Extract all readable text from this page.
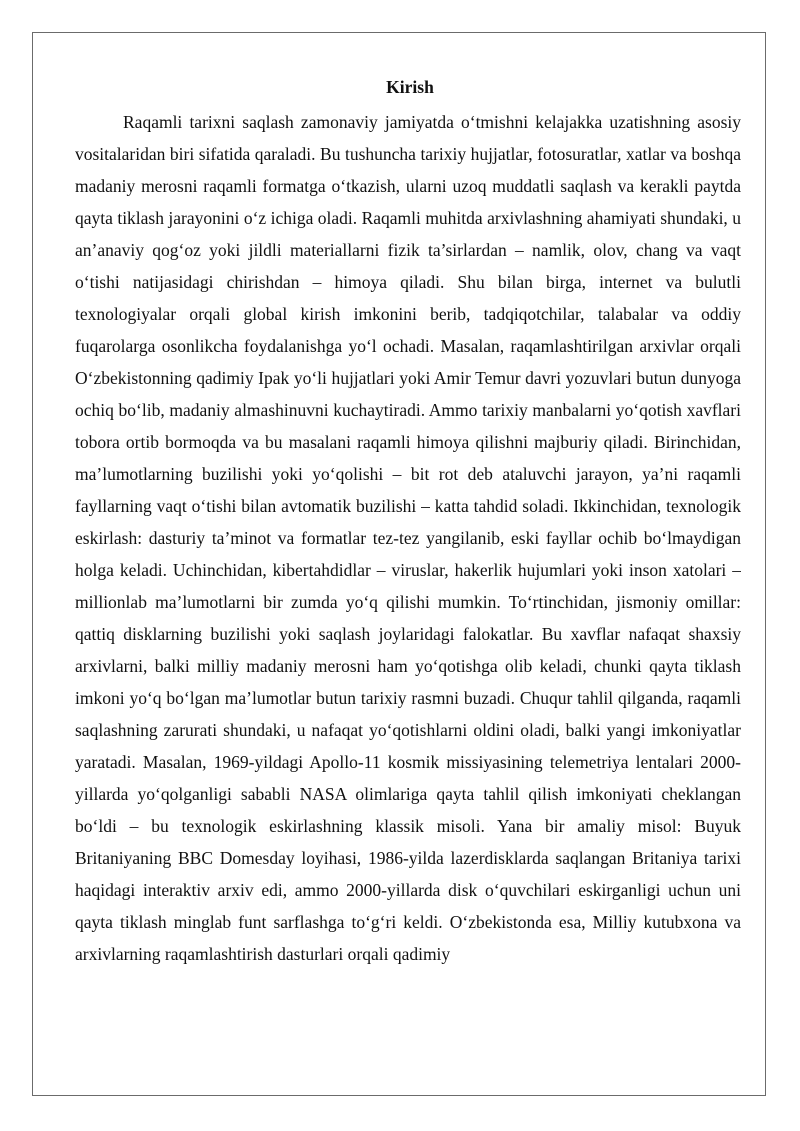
Kirish

Raqamli tarixni saqlash zamonaviy jamiyatda o‘tmishni kelajakka uzatishning asosiy vositalaridan biri sifatida qaraladi. Bu tushuncha tarixiy hujjatlar, fotosuratlar, xatlar va boshqa madaniy merosni raqamli formatga o‘tkazish, ularni uzoq muddatli saqlash va kerakli paytda qayta tiklash jarayonini o‘z ichiga oladi. Raqamli muhitda arxivlashning ahamiyati shundaki, u an’anaviy qog‘oz yoki jildli materiallarni fizik ta’sirlardan – namlik, olov, chang va vaqt o‘tishi natijasidagi chirishdan – himoya qiladi. Shu bilan birga, internet va bulutli texnologiyalar orqali global kirish imkonini berib, tadqiqotchilar, talabalar va oddiy fuqarolarga osonlikcha foydalanishga yo‘l ochadi. Masalan, raqamlashtirilgan arxivlar orqali O‘zbekistonning qadimiy Ipak yo‘li hujjatlari yoki Amir Temur davri yozuvlari butun dunyoga ochiq bo‘lib, madaniy almashinuvni kuchaytiradi. Ammo tarixiy manbalarni yo‘qotish xavflari tobora ortib bormoqda va bu masalani raqamli himoya qilishni majburiy qiladi. Birinchidan, ma’lumotlarning buzilishi yoki yo‘qolishi – bit rot deb ataluvchi jarayon, ya’ni raqamli fayllarning vaqt o‘tishi bilan avtomatik buzilishi – katta tahdid soladi. Ikkinchidan, texnologik eskirlash: dasturiy ta’minot va formatlar tez-tez yangilanib, eski fayllar ochib bo‘lmaydigan holga keladi. Uchinchidan, kibertahdidlar – viruslar, hakerlik hujumlari yoki inson xatolari – millionlab ma’lumotlarni bir zumda yo‘q qilishi mumkin. To‘rtinchidan, jismoniy omillar: qattiq disklarning buzilishi yoki saqlash joylaridagi falokatlar. Bu xavflar nafaqat shaxsiy arxivlarni, balki milliy madaniy merosni ham yo‘qotishga olib keladi, chunki qayta tiklash imkoni yo‘q bo‘lgan ma’lumotlar butun tarixiy rasmni buzadi. Chuqur tahlil qilganda, raqamli saqlashning zarurati shundaki, u nafaqat yo‘qotishlarni oldini oladi, balki yangi imkoniyatlar yaratadi. Masalan, 1969-yildagi Apollo-11 kosmik missiyasining telemetriya lentalari 2000-yillarda yo‘qolganligi sababli NASA olimlariga qayta tahlil qilish imkoniyati cheklangan bo‘ldi – bu texnologik eskirlashning klassik misoli. Yana bir amaliy misol: Buyuk Britaniyaning BBC Domesday loyihasi, 1986-yilda lazerdisklarda saqlangan Britaniya tarixi haqidagi interaktiv arxiv edi, ammo 2000-yillarda disk o‘quvchilari eskirganligi uchun uni qayta tiklash minglab funt sarflashga to‘g‘ri keldi. O‘zbekistonda esa, Milliy kutubxona va arxivlarning raqamlashtirish dasturlari orqali qadimiy
